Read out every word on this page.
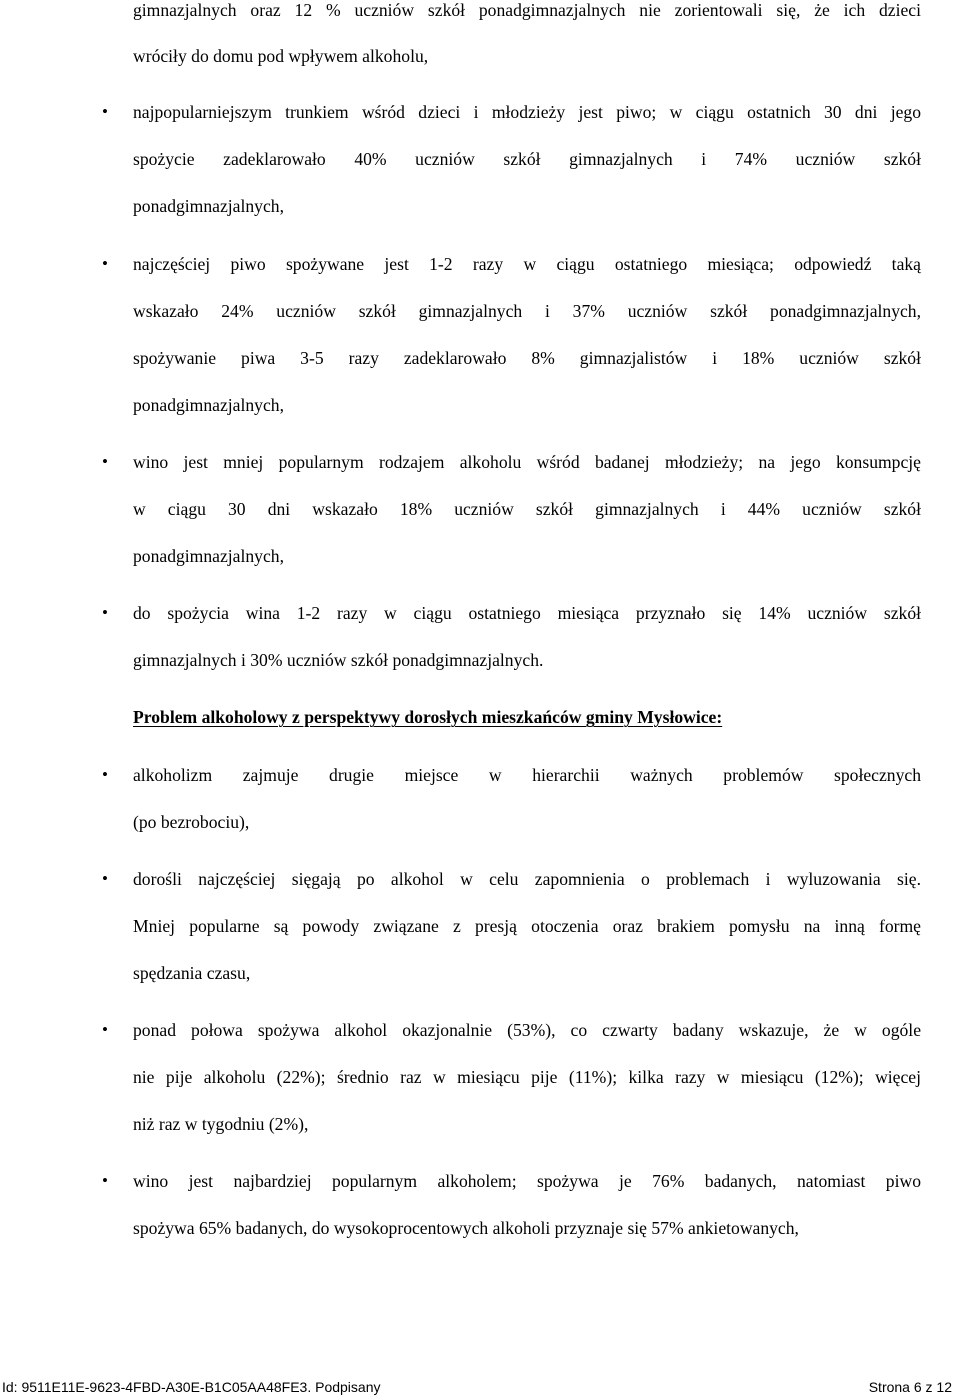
gimnazjalnych oraz 12 % uczniów szkół ponadgimnazjalnych nie zorientowali się, że ich dzieci
wróciły do domu pod wpływem alkoholu,
• najpopularniejszym trunkiem wśród dzieci i młodzieży jest piwo; w ciągu ostatnich 30 dni jego
spożycie zadeklarowało 40% uczniów szkół gimnazjalnych i 74% uczniów szkół
ponadgimnazjalnych,
• najczęściej piwo spożywane jest 1-2 razy w ciągu ostatniego miesiąca; odpowiedź taką
wskazało 24% uczniów szkół gimnazjalnych i 37% uczniów szkół ponadgimnazjalnych,
spożywanie piwa 3-5 razy zadeklarowało 8% gimnazjalistów i 18% uczniów szkół
ponadgimnazjalnych,
• wino jest mniej popularnym rodzajem alkoholu wśród badanej młodzieży; na jego konsumpcję
w ciągu 30 dni wskazało 18% uczniów szkół gimnazjalnych i 44% uczniów szkół
ponadgimnazjalnych,
• do spożycia wina 1-2 razy w ciągu ostatniego miesiąca przyznało się 14% uczniów szkół
gimnazjalnych i 30% uczniów szkół ponadgimnazjalnych.
Problem alkoholowy z perspektywy dorosłych mieszkańców gminy Mysłowice:
• alkoholizm zajmuje drugie miejsce w hierarchii ważnych problemów społecznych
(po bezrobociu),
• dorośli najczęściej sięgają po alkohol w celu zapomnienia o problemach i wyluzowania się.
Mniej popularne są powody związane z presją otoczenia oraz brakiem pomysłu na inną formę
spędzania czasu,
• ponad połowa spożywa alkohol okazjonalnie (53%), co czwarty badany wskazuje, że w ogóle
nie pije alkoholu (22%); średnio raz w miesiącu pije (11%); kilka razy w miesiącu (12%); więcej
niż raz w tygodniu (2%),
• wino jest najbardziej popularnym alkoholem; spożywa je 76% badanych, natomiast piwo
spożywa 65% badanych, do wysokoprocentowych alkoholi przyznaje się 57% ankietowanych,
Id: 9511E11E-9623-4FBD-A30E-B1C05AA48FE3. Podpisany	Strona 6 z 12
